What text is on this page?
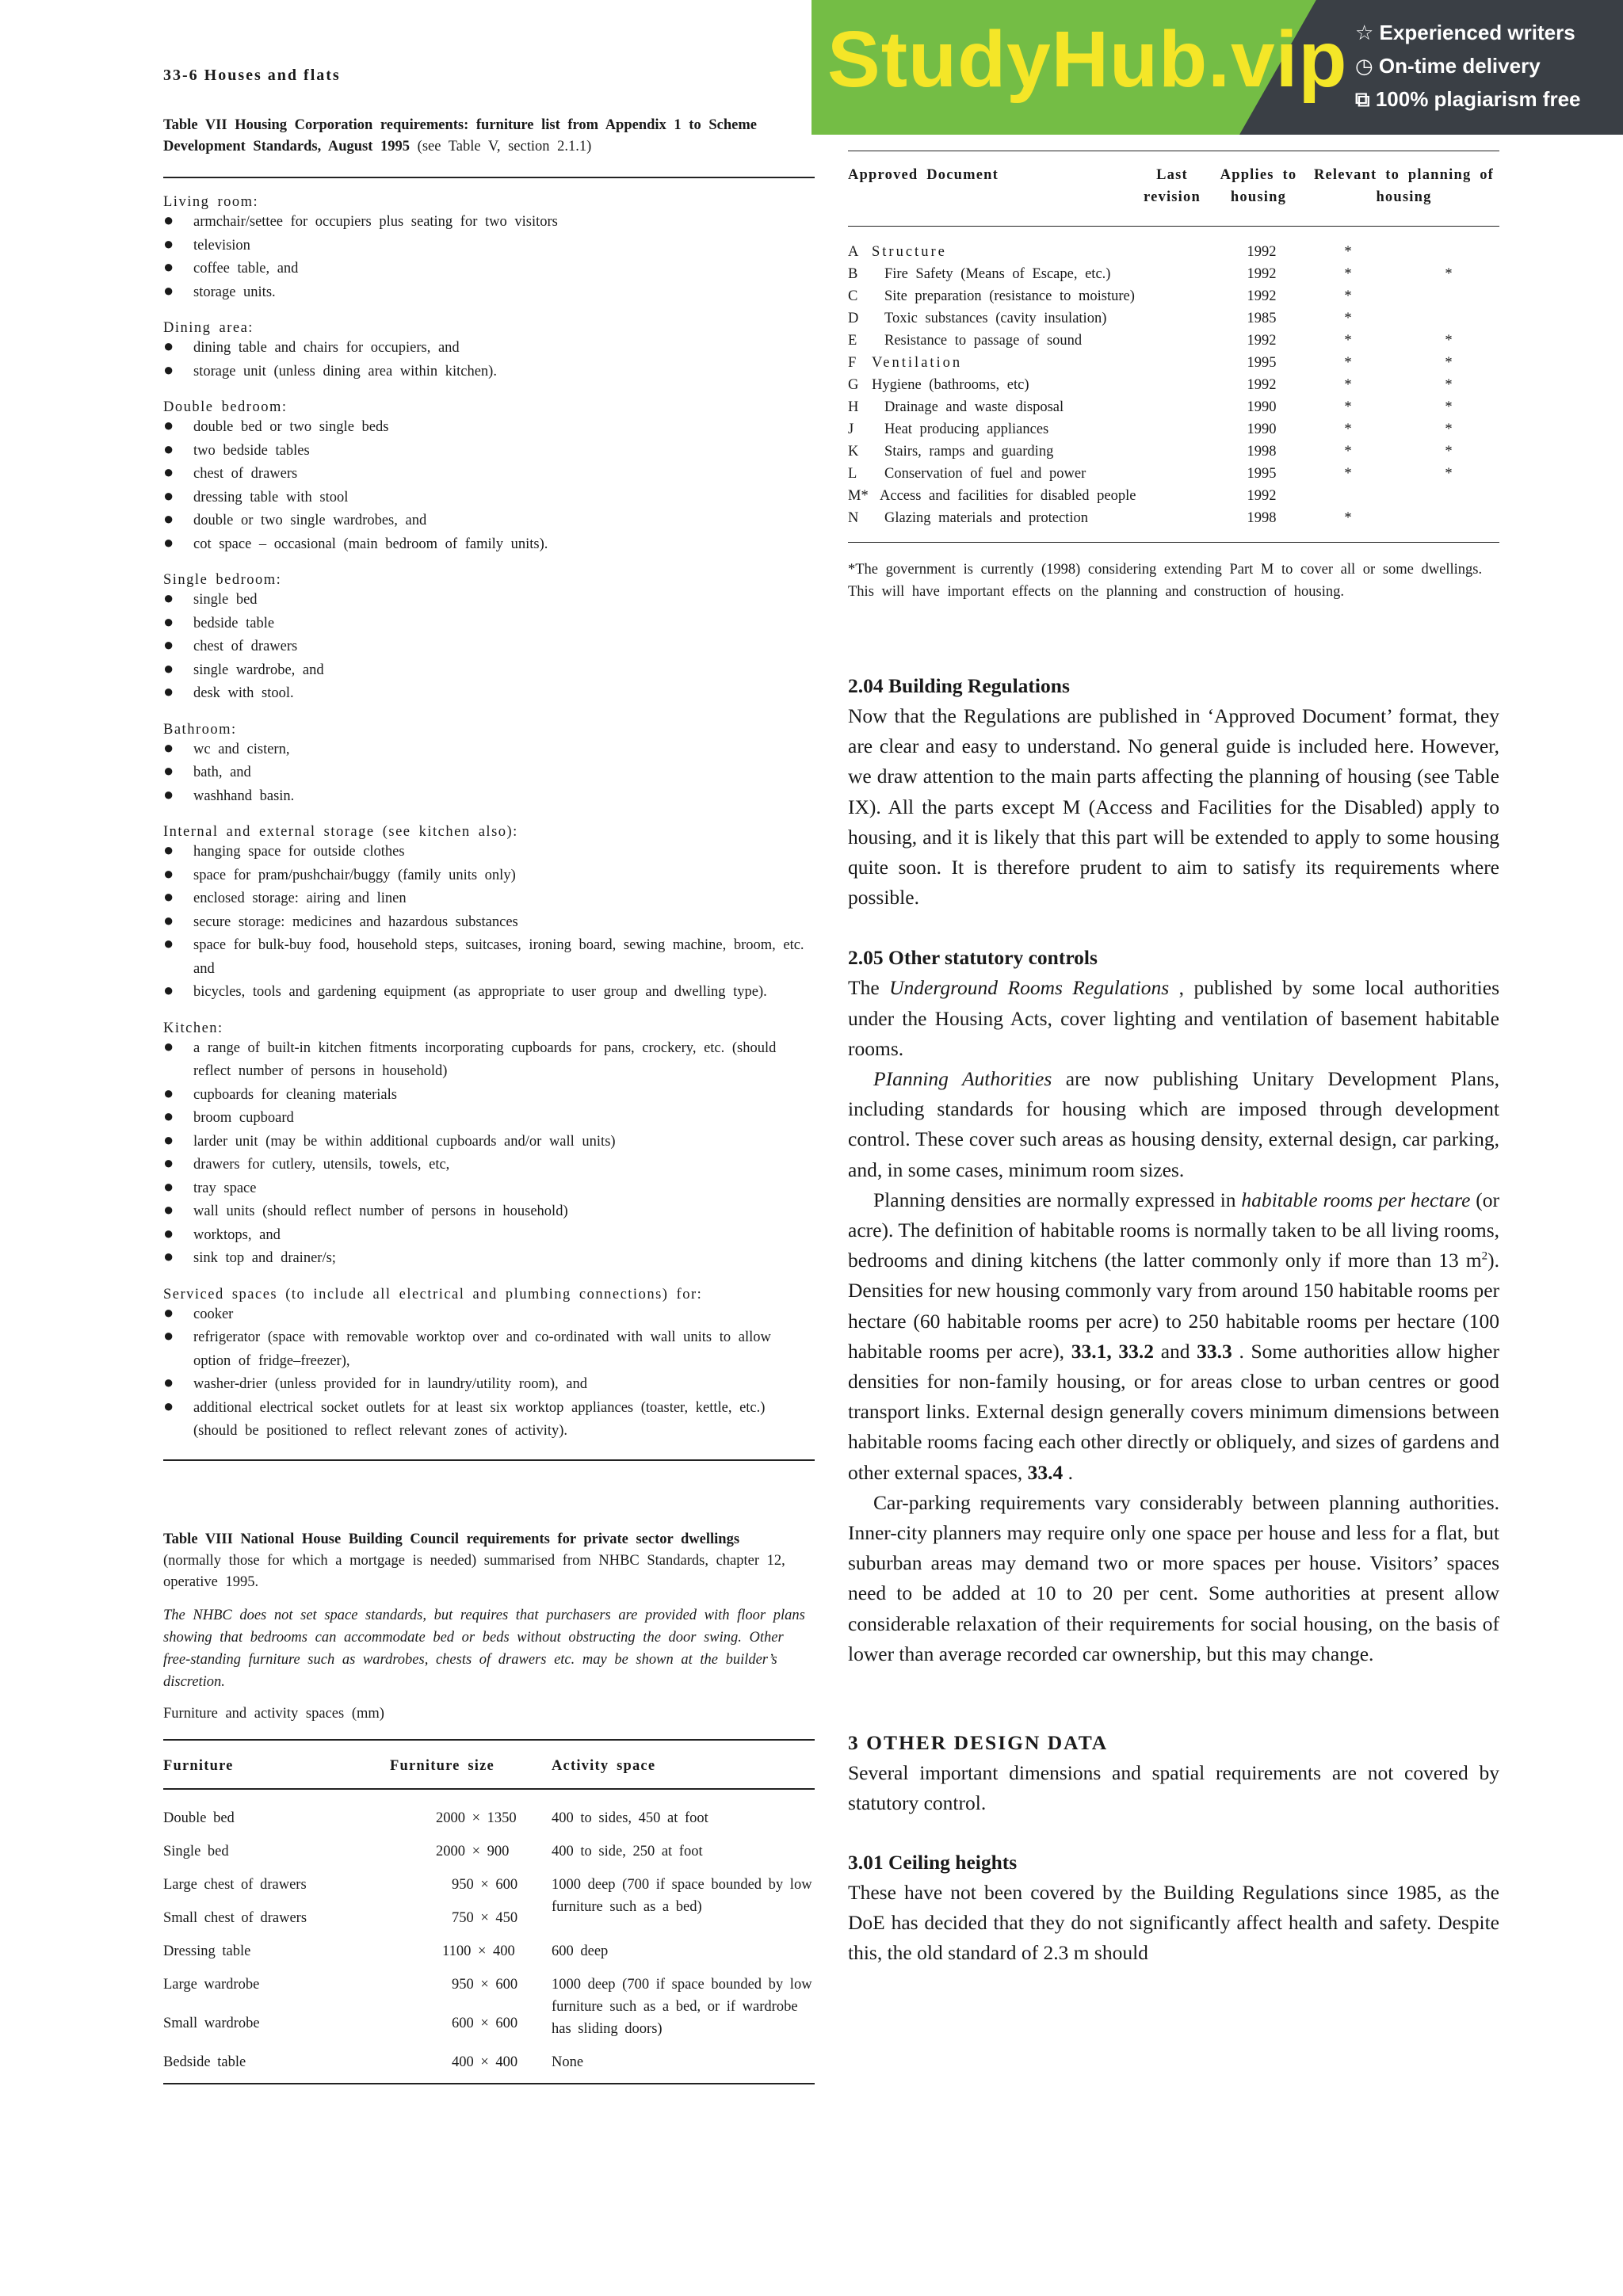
33-6 Houses and flats
Table VII Housing Corporation requirements: furniture list from Appendix 1 to Scheme Development Standards, August 1995 (see Table V, section 2.1.1)
Living room:
● armchair/settee for occupiers plus seating for two visitors
● television
● coffee table, and
● storage units.
Dining area:
● dining table and chairs for occupiers, and
● storage unit (unless dining area within kitchen).
Double bedroom:
● double bed or two single beds
● two bedside tables
● chest of drawers
● dressing table with stool
● double or two single wardrobes, and
● cot space – occasional (main bedroom of family units).
Single bedroom:
● single bed
● bedside table
● chest of drawers
● single wardrobe, and
● desk with stool.
Bathroom:
● wc and cistern,
● bath, and
● washhand basin.
Internal and external storage (see kitchen also):
● hanging space for outside clothes
● space for pram/pushchair/buggy (family units only)
● enclosed storage: airing and linen
● secure storage: medicines and hazardous substances
● space for bulk-buy food, household steps, suitcases, ironing board, sewing machine, broom, etc. and
● bicycles, tools and gardening equipment (as appropriate to user group and dwelling type).
Kitchen:
● a range of built-in kitchen fitments incorporating cupboards for pans, crockery, etc. (should reflect number of persons in household)
● cupboards for cleaning materials
● broom cupboard
● larder unit (may be within additional cupboards and/or wall units)
● drawers for cutlery, utensils, towels, etc,
● tray space
● wall units (should reflect number of persons in household)
● worktops, and
● sink top and drainer/s;
Serviced spaces (to include all electrical and plumbing connections) for:
● cooker
● refrigerator (space with removable worktop over and co-ordinated with wall units to allow option of fridge–freezer),
● washer-drier (unless provided for in laundry/utility room), and
● additional electrical socket outlets for at least six worktop appliances (toaster, kettle, etc.) (should be positioned to reflect relevant zones of activity).
Table VIII National House Building Council requirements for private sector dwellings
(normally those for which a mortgage is needed) summarised from NHBC Standards, chapter 12, operative 1995.
The NHBC does not set space standards, but requires that purchasers are provided with floor plans showing that bedrooms can accommodate bed or beds without obstructing the door swing. Other free-standing furniture such as wardrobes, chests of drawers etc. may be shown at the builder’s discretion.
Furniture and activity spaces (mm)
Furniture	Furniture size	Activity space

Double bed	2000 × 1350	400 to sides, 450 at foot
Single bed	2000 × 900	400 to side, 250 at foot
Large chest of drawers	950 × 600	1000 deep (700 if space bounded by low furniture such as a bed)
Small chest of drawers	750 × 450	
Dressing table	1100 × 400	600 deep
Large wardrobe	950 × 600	1000 deep (700 if space bounded by low furniture such as a bed, or if wardrobe has sliding doors)
Small wardrobe	600 × 600	
Bedside table	400 × 400	None
Approved Document	Last revision	Applies to housing	Relevant to planning of housing
A	Structure	1992	*	
B	Fire Safety (Means of Escape, etc.)	1992	*	*
C	Site preparation (resistance to moisture)	1992	*	
D	Toxic substances (cavity insulation)	1985	*	
E	Resistance to passage of sound	1992	*	*
F	Ventilation	1995	*	*
G	Hygiene (bathrooms, etc)	1992	*	*
H	Drainage and waste disposal	1990	*	*
J	Heat producing appliances	1990	*	*
K	Stairs, ramps and guarding	1998	*	*
L	Conservation of fuel and power	1995	*	*
M*	Access and facilities for disabled people	1992		
N	Glazing materials and protection	1998	*	
*The government is currently (1998) considering extending Part M to cover all or some dwellings. This will have important effects on the planning and construction of housing.

2.04 Building Regulations

Now that the Regulations are published in ‘Approved Document’ format, they are clear and easy to understand. No general guide is included here. However, we draw attention to the main parts affecting the planning of housing (see Table IX). All the parts except M (Access and Facilities for the Disabled) apply to housing, and it is likely that this part will be extended to apply to some housing quite soon. It is therefore prudent to aim to satisfy its requirements where possible.

2.05 Other statutory controls

The Underground Rooms Regulations , published by some local authorities under the Housing Acts, cover lighting and ventilation of basement habitable rooms.

PIanning Authorities are now publishing Unitary Development Plans, including standards for housing which are imposed through development control. These cover such areas as housing density, external design, car parking, and, in some cases, minimum room sizes.

Planning densities are normally expressed in habitable rooms per hectare (or acre). The definition of habitable rooms is normally taken to be all living rooms, bedrooms and dining kitchens (the latter commonly only if more than 13 $m^2$). Densities for new housing commonly vary from around 150 habitable rooms per hectare (60 habitable rooms per acre) to 250 habitable rooms per hectare (100 habitable rooms per acre), 33.1, 33.2 and 33.3 . Some authorities allow higher densities for non-family housing, or for areas close to urban centres or good transport links. External design generally covers minimum dimensions between habitable rooms facing each other directly or obliquely, and sizes of gardens and other external spaces, 33.4 .

Car-parking requirements vary considerably between planning authorities. Inner-city planners may require only one space per house and less for a flat, but suburban areas may demand two or more spaces per house. Visitors’ spaces need to be added at 10 to 20 per cent. Some authorities at present allow considerable relaxation of their requirements for social housing, on the basis of lower than average recorded car ownership, but this may change.

3 OTHER DESIGN DATA

Several important dimensions and spatial requirements are not covered by statutory control.

3.01 Ceiling heights

These have not been covered by the Building Regulations since 1985, as the DoE has decided that they do not significantly affect health and safety. Despite this, the old standard of 2.3 m should

StudyHub.vip ☆ Experienced writers
◷ On-time delivery
⧉ 100% plagiarism free
